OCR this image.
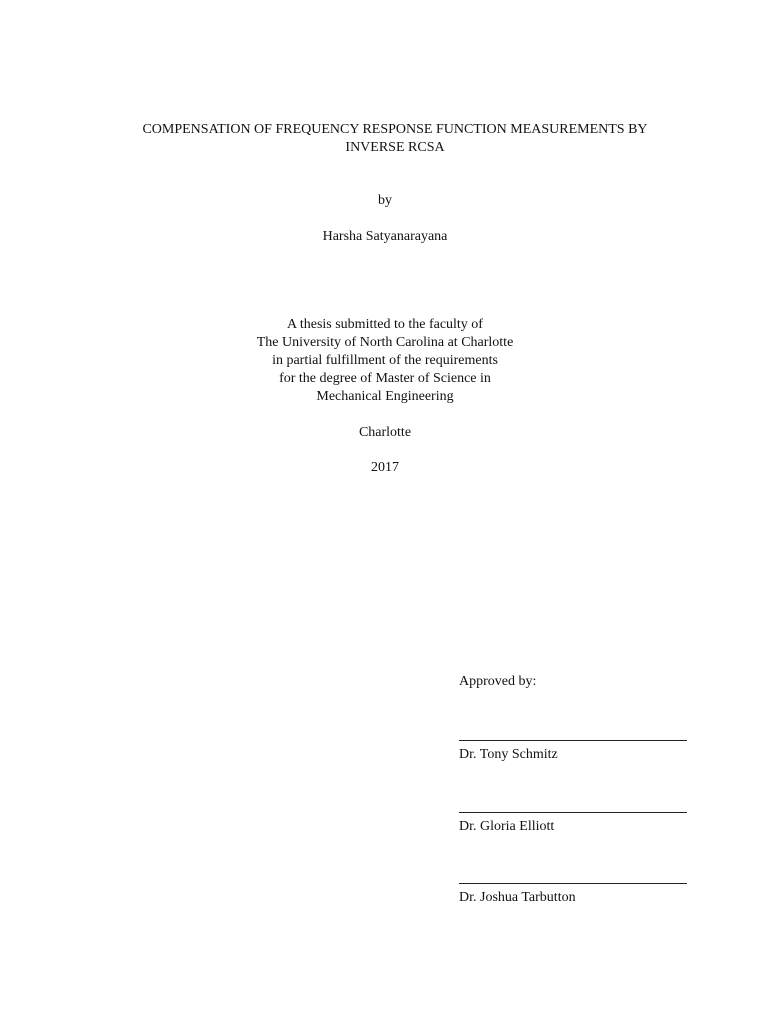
COMPENSATION OF FREQUENCY RESPONSE FUNCTION MEASUREMENTS BY
INVERSE RCSA
by
Harsha Satyanarayana
A thesis submitted to the faculty of
The University of North Carolina at Charlotte
in partial fulfillment of the requirements
for the degree of Master of Science in
Mechanical Engineering
Charlotte
2017
Approved by:
Dr. Tony Schmitz
Dr. Gloria Elliott
Dr. Joshua Tarbutton
